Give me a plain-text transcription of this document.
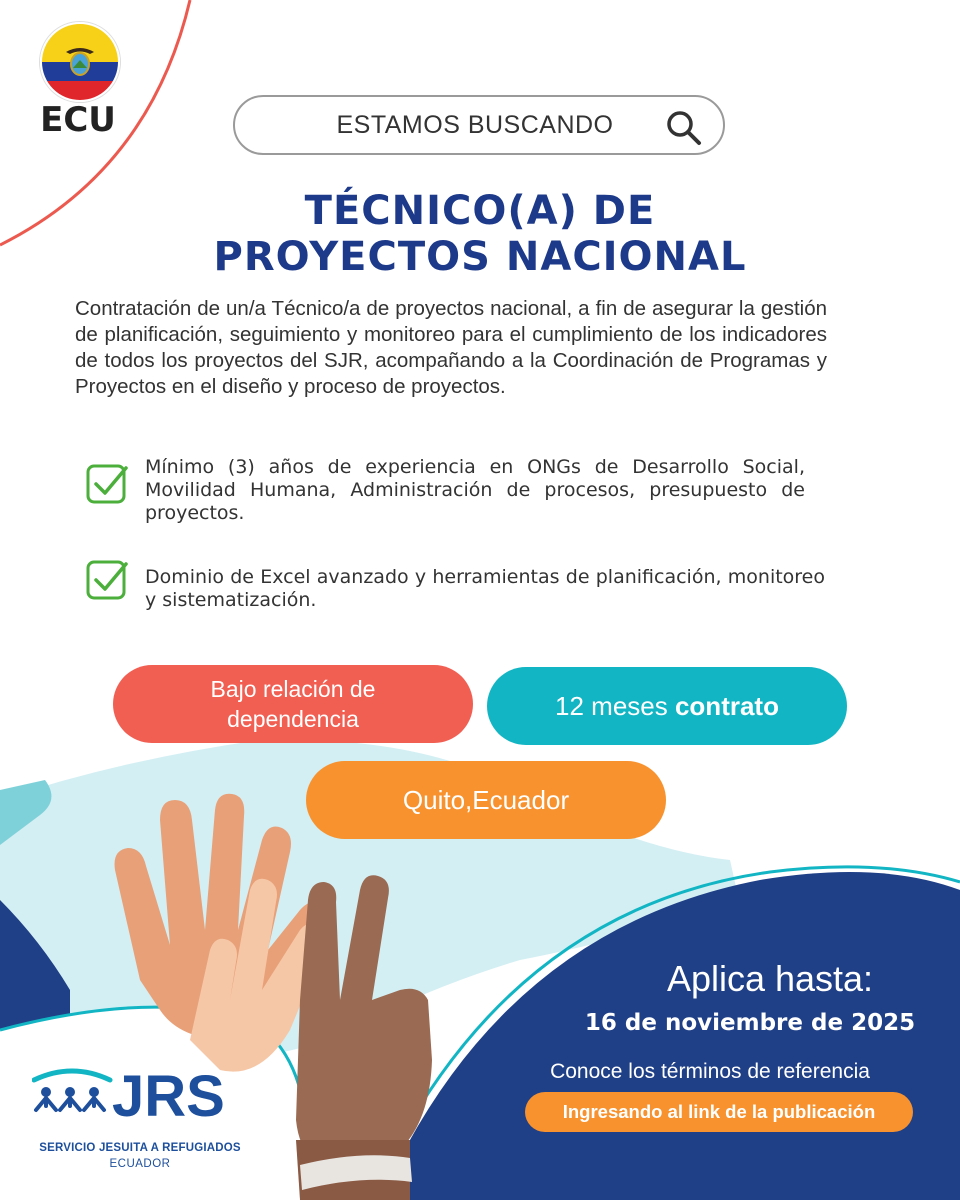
ECU	ESTAMOS BUSCANDO
TÉCNICO(A) DE
PROYECTOS NACIONAL
Contratación de un/a Técnico/a de proyectos nacional, a fin de asegurar la gestión de planificación, seguimiento y monitoreo para el cumplimiento de los indicadores de todos los proyectos del SJR, acompañando a la Coordinación de Programas y Proyectos en el diseño y proceso de proyectos.
Mínimo (3) años de experiencia en ONGs de Desarrollo Social, Movilidad Humana, Administración de procesos, presupuesto de proyectos.
Dominio de Excel avanzado y herramientas de planificación, monitoreo y sistematización.
Bajo relación de dependencia	12 meses contrato
Quito,Ecuador
Aplica hasta:
16 de noviembre de 2025
Conoce los términos de referencia
Ingresando al link de la publicación
JRS
SERVICIO JESUITA A REFUGIADOS
ECUADOR
